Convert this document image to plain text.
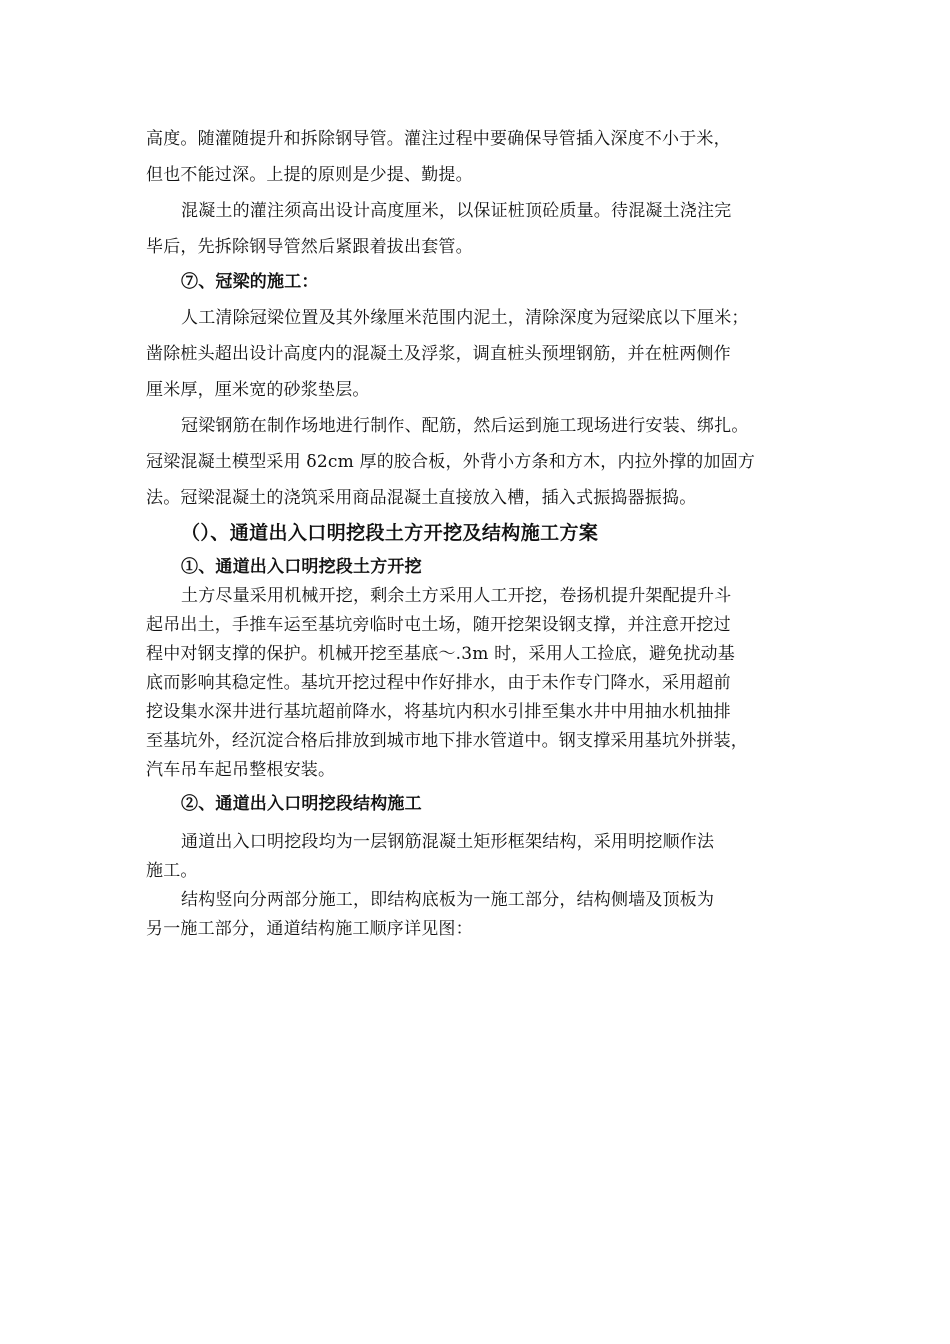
高度。随灌随提升和拆除钢导管。灌注过程中要确保导管插入深度不小于米，
但也不能过深。上提的原则是少提、勤提。
混凝土的灌注须高出设计高度厘米，以保证桩顶砼质量。待混凝土浇注完
毕后，先拆除钢导管然后紧跟着拔出套管。
⑦、冠梁的施工：
人工清除冠梁位置及其外缘厘米范围内泥土，清除深度为冠梁底以下厘米；
凿除桩头超出设计高度内的混凝土及浮浆，调直桩头预埋钢筋，并在桩两侧作
厘米厚，厘米宽的砂浆垫层。
冠梁钢筋在制作场地进行制作、配筋，然后运到施工现场进行安装、绑扎。
冠梁混凝土模型采用 δ2cm 厚的胶合板，外背小方条和方木，内拉外撑的加固方
法。冠梁混凝土的浇筑采用商品混凝土直接放入槽，插入式振捣器振捣。
（）、通道出入口明挖段土方开挖及结构施工方案
①、通道出入口明挖段土方开挖
土方尽量采用机械开挖，剩余土方采用人工开挖，卷扬机提升架配提升斗
起吊出土，手推车运至基坑旁临时屯土场，随开挖架设钢支撑，并注意开挖过
程中对钢支撑的保护。机械开挖至基底～.3m 时，采用人工捡底，避免扰动基
底而影响其稳定性。基坑开挖过程中作好排水，由于未作专门降水，采用超前
挖设集水深井进行基坑超前降水，将基坑内积水引排至集水井中用抽水机抽排
至基坑外，经沉淀合格后排放到城市地下排水管道中。钢支撑采用基坑外拼装，
汽车吊车起吊整根安装。
②、通道出入口明挖段结构施工
通道出入口明挖段均为一层钢筋混凝土矩形框架结构，采用明挖顺作法
施工。
结构竖向分两部分施工，即结构底板为一施工部分，结构侧墙及顶板为
另一施工部分，通道结构施工顺序详见图：
